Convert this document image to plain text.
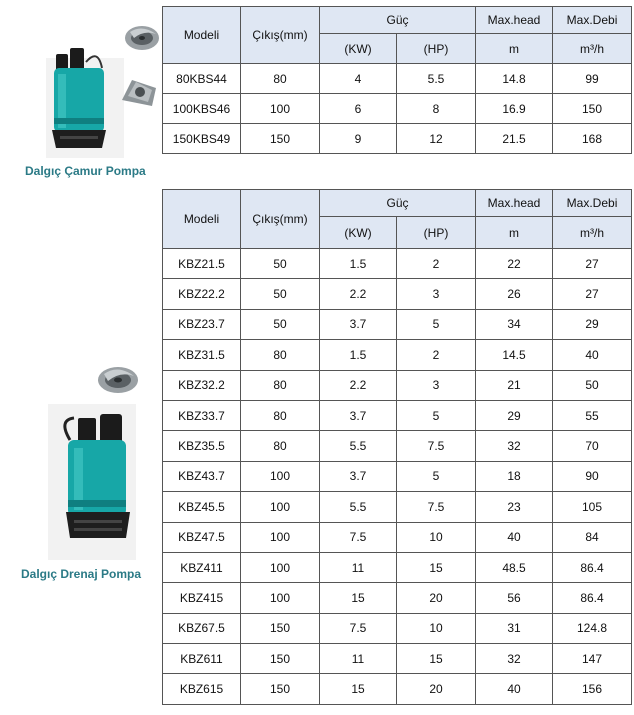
Dalgıç Çamur Pompa
Modeli	Çıkış(mm)	Güç		Max.head	Max.Debi
		(KW)	(HP)	m	m³/h
80KBS44	80	4	5.5	14.8	99
100KBS46	100	6	8	16.9	150
150KBS49	150	9	12	21.5	168
Dalgıç Drenaj Pompa
Modeli	Çıkış(mm)	Güç		Max.head	Max.Debi
		(KW)	(HP)	m	m³/h
KBZ21.5	50	1.5	2	22	27
KBZ22.2	50	2.2	3	26	27
KBZ23.7	50	3.7	5	34	29
KBZ31.5	80	1.5	2	14.5	40
KBZ32.2	80	2.2	3	21	50
KBZ33.7	80	3.7	5	29	55
KBZ35.5	80	5.5	7.5	32	70
KBZ43.7	100	3.7	5	18	90
KBZ45.5	100	5.5	7.5	23	105
KBZ47.5	100	7.5	10	40	84
KBZ411	100	11	15	48.5	86.4
KBZ415	100	15	20	56	86.4
KBZ67.5	150	7.5	10	31	124.8
KBZ611	150	11	15	32	147
KBZ615	150	15	20	40	156
